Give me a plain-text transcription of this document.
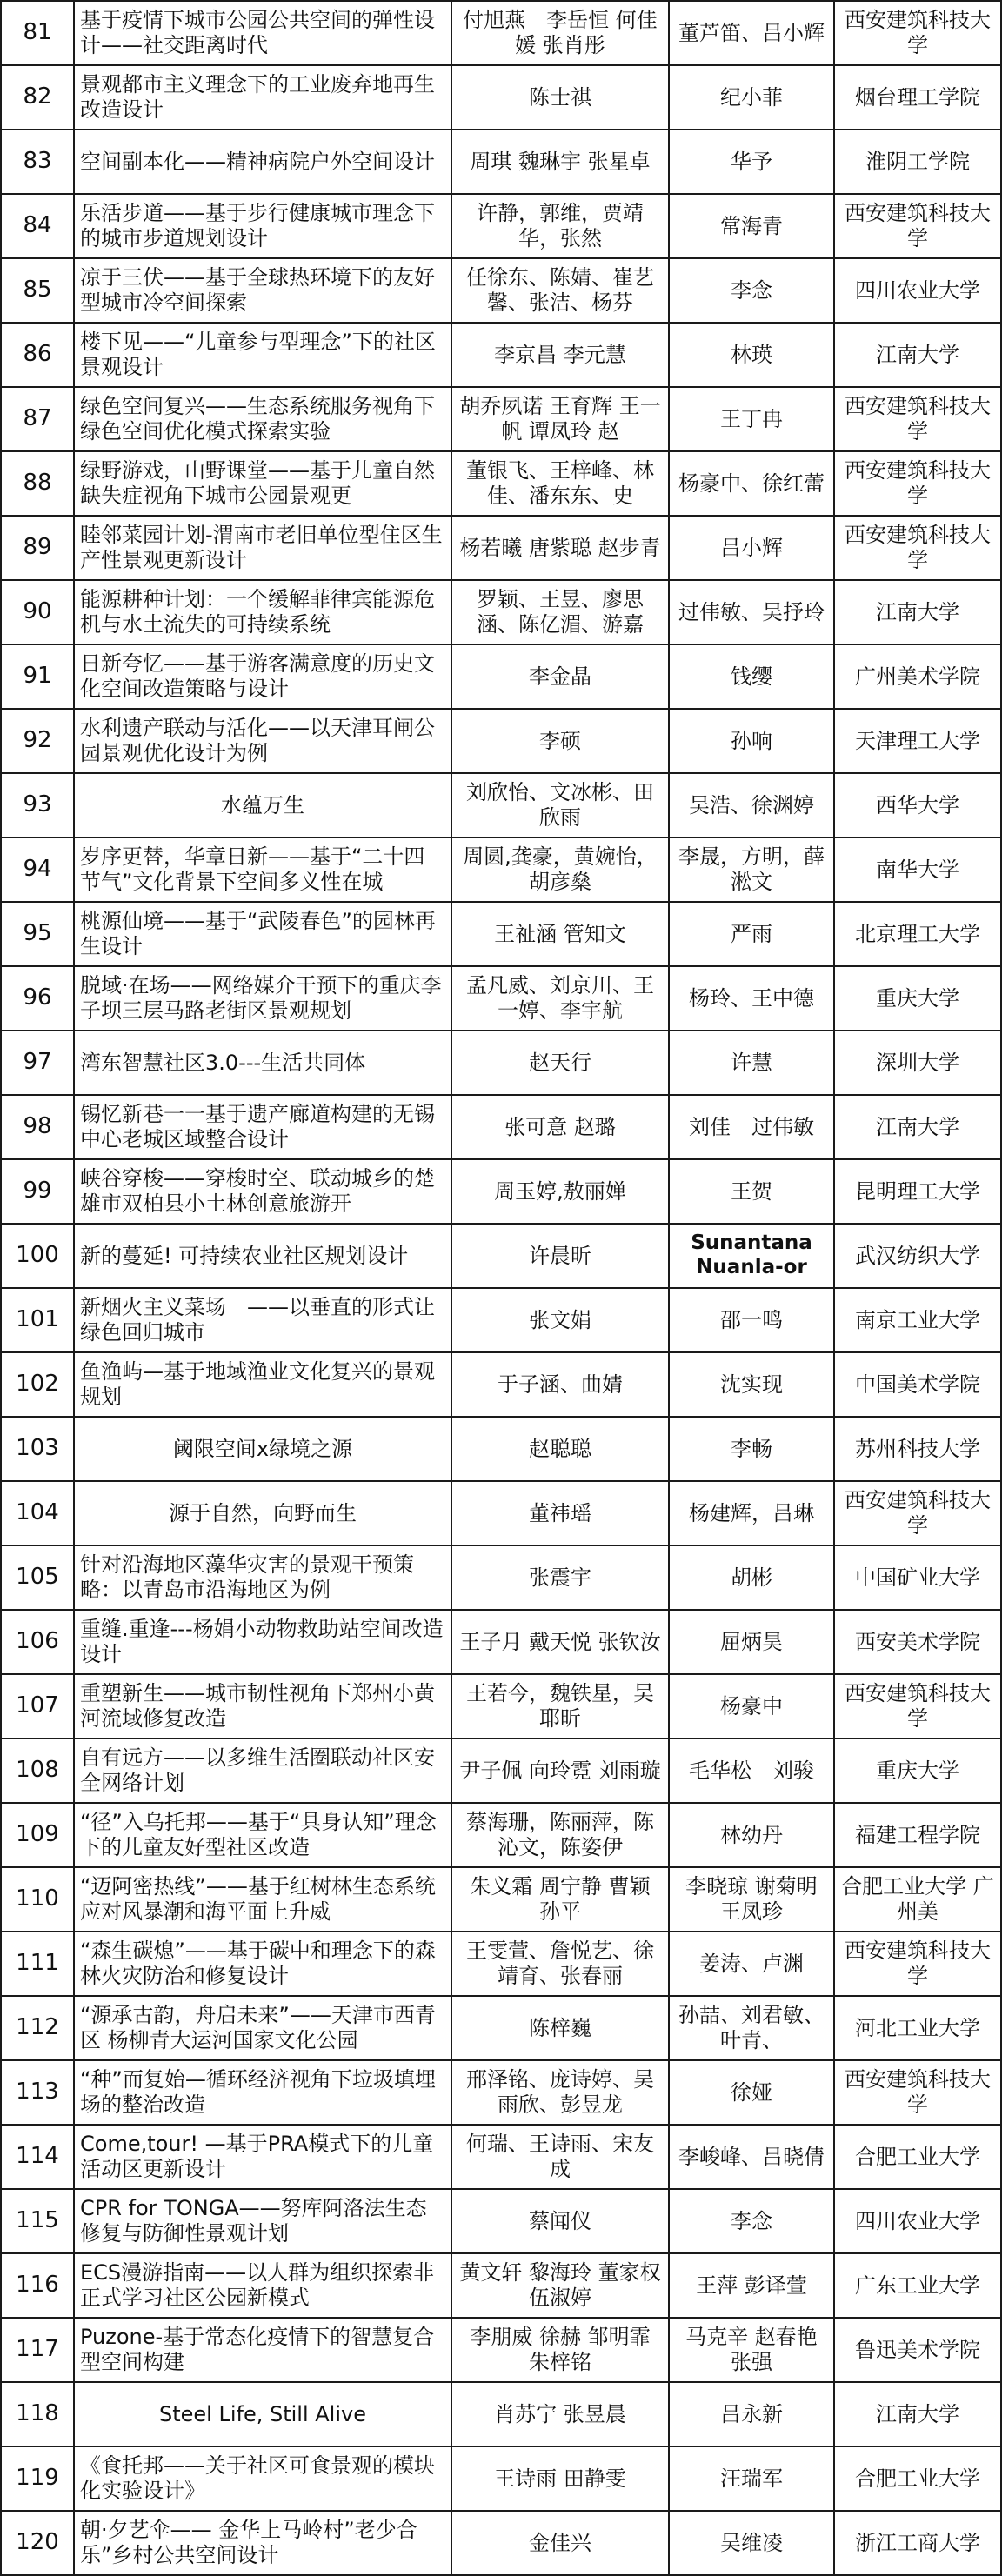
81	基于疫情下城市公园公共空间的弹性设计——社交距离时代	付旭燕　李岳恒 何佳媛 张肖彤	董芦笛、吕小辉	西安建筑科技大学
82	景观都市主义理念下的工业废弃地再生改造设计	陈士祺	纪小菲	烟台理工学院
83	空间副本化——精神病院户外空间设计	周琪 魏琳宇 张星卓	华予	淮阴工学院
84	乐活步道——基于步行健康城市理念下的城市步道规划设计	许静，郭维，贾靖华，张然	常海青	西安建筑科技大学
85	凉于三伏——基于全球热环境下的友好型城市冷空间探索	任徐东、陈婧、崔艺馨、张洁、杨芬	李念	四川农业大学
86	楼下见——“儿童参与型理念”下的社区景观设计	李京昌 李元慧	林瑛	江南大学
87	绿色空间复兴——生态系统服务视角下绿色空间优化模式探索实验	胡乔夙诺 王育辉 王一帆 谭凤玲 赵	王丁冉	西安建筑科技大学
88	绿野游戏，山野课堂——基于儿童自然缺失症视角下城市公园景观更	董银飞、王梓峰、林佳、潘东东、史	杨豪中、徐红蕾	西安建筑科技大学
89	睦邻菜园计划-渭南市老旧单位型住区生产性景观更新设计	杨若曦 唐紫聪 赵步青	吕小辉	西安建筑科技大学
90	能源耕种计划：一个缓解菲律宾能源危机与水土流失的可持续系统	罗颖、王昱、廖思涵、陈亿湄、游嘉	过伟敏、吴抒玲	江南大学
91	日新夸忆——基于游客满意度的历史文化空间改造策略与设计	李金晶	钱缨	广州美术学院
92	水利遗产联动与活化——以天津耳闸公园景观优化设计为例	李硕	孙响	天津理工大学
93	水蕴万生	刘欣怡、文冰彬、田欣雨	吴浩、徐渊婷	西华大学
94	岁序更替，华章日新——基于“二十四节气”文化背景下空间多义性在城	周圆,龚豪，黄婉怡，胡彦燊	李晟，方明，薛淞文	南华大学
95	桃源仙境——基于“武陵春色”的园林再生设计	王祉涵 管知文	严雨	北京理工大学
96	脱域·在场——网络媒介干预下的重庆李子坝三层马路老街区景观规划	孟凡威、刘京川、王一婷、李宇航	杨玲、王中德	重庆大学
97	湾东智慧社区3.0---生活共同体	赵天行	许慧	深圳大学
98	锡忆新巷一一基于遗产廊道构建的无锡中心老城区域整合设计	张可意 赵璐	刘佳　过伟敏	江南大学
99	峡谷穿梭——穿梭时空、联动城乡的楚雄市双柏县小土林创意旅游开	周玉婷,敖丽婵	王贺	昆明理工大学
100	新的蔓延! 可持续农业社区规划设计	许晨昕	Sunantana Nuanla-or	武汉纺织大学
101	新烟火主义菜场　——以垂直的形式让绿色回归城市	张文娟	邵一鸣	南京工业大学
102	鱼渔屿—基于地域渔业文化复兴的景观规划	于子涵、曲婧	沈实现	中国美术学院
103	阈限空间x绿境之源	赵聪聪	李畅	苏州科技大学
104	源于自然，向野而生	董祎瑶	杨建辉，吕琳	西安建筑科技大学
105	针对沿海地区藻华灾害的景观干预策略：以青岛市沿海地区为例	张震宇	胡彬	中国矿业大学
106	重缝.重逢---杨娟小动物救助站空间改造设计	王子月 戴天悦 张钦汝	屈炳昊	西安美术学院
107	重塑新生——城市韧性视角下郑州小黄河流域修复改造	王若今，魏铁星，吴耶昕	杨豪中	西安建筑科技大学
108	自有远方——以多维生活圈联动社区安全网络计划	尹子佩 向玲霓 刘雨璇	毛华松　刘骏	重庆大学
109	“径”入乌托邦——基于“具身认知”理念下的儿童友好型社区改造	蔡海珊，陈丽萍，陈沁文，陈姿伊	林幼丹	福建工程学院
110	“迈阿密热线”——基于红树林生态系统应对风暴潮和海平面上升威	朱义霜 周宁静 曹颖 孙平	李晓琼 谢菊明　王凤珍	合肥工业大学 广州美
111	“森生碳熄”——基于碳中和理念下的森林火灾防治和修复设计	王雯萱、詹悦艺、徐靖育、张春丽	姜涛、卢渊	西安建筑科技大学
112	“源承古韵，舟启未来”——天津市西青区 杨柳青大运河国家文化公园	陈梓巍	孙喆、刘君敏、叶青、	河北工业大学
113	“种”而复始—循环经济视角下垃圾填埋场的整治改造	邢泽铭、庞诗婷、吴雨欣、彭昱龙	徐娅	西安建筑科技大学
114	Come,tour! —基于PRA模式下的儿童活动区更新设计	何瑞、王诗雨、宋友成	李峻峰、吕晓倩	合肥工业大学
115	CPR for TONGA——努库阿洛法生态修复与防御性景观计划	蔡闻仪	李念	四川农业大学
116	ECS漫游指南——以人群为组织探索非正式学习社区公园新模式	黄文轩 黎海玲 董家权 伍淑婷	王萍 彭译萱	广东工业大学
117	Puzone-基于常态化疫情下的智慧复合型空间构建	李朋威 徐赫 邹明霏 朱梓铭	马克辛 赵春艳 张强	鲁迅美术学院
118	Steel Life, Still Alive	肖苏宁 张昱晨	吕永新	江南大学
119	《食托邦——关于社区可食景观的模块化实验设计》	王诗雨 田静雯	汪瑞军	合肥工业大学
120	朝·夕艺伞—— 金华上马岭村”老少合乐”乡村公共空间设计	金佳兴	吴维凌	浙江工商大学
